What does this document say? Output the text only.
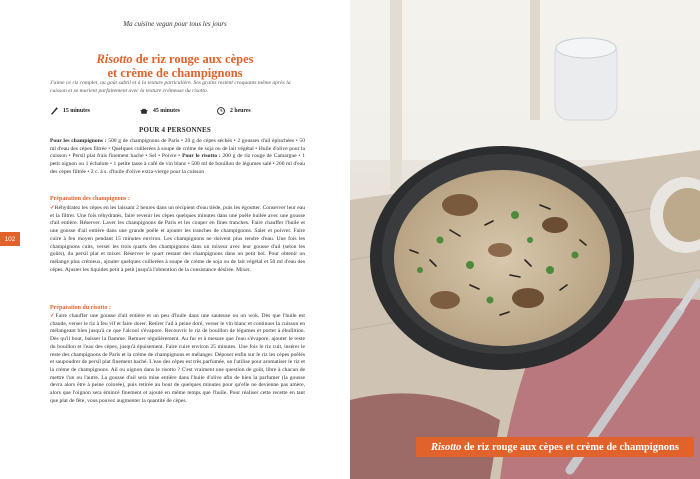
Ma cuisine vegan pour tous les jours
Risotto de riz rouge aux cèpes
et crème de champignons
J'aime ce riz complet, au goût subtil et à la texture particulière. Ses grains restent croquants même après la cuisson et se marient parfaitement avec la texture crémeuse du risotto.
15 minutes	45 minutes	2 heures
POUR 4 PERSONNES
Pour les champignons : 500 g de champignons de Paris • 20 g de cèpes séchés • 2 gousses d'ail épluchées • 50 ml d'eau des cèpes filtrée • Quelques cuillerées à soupe de crème de soja ou de lait végétal • Huile d'olive pour la cuisson • Persil plat frais finement haché • Sel • Poivre • Pour le risotto : 200 g de riz rouge de Camargue • 1 petit oignon ou 1 échalote • 1 petite tasse à café de vin blanc • 500 ml de bouillon de légumes salé • 200 ml d'eau des cèpes filtrée • 2 c. à s. d'huile d'olive extra-vierge pour la cuisson
Préparation des champignons :
✓Réhydratez les cèpes en les laissant 2 heures dans un récipient d'eau tiède, puis les égoutter. Conserver leur eau et la filtrer. Une fois réhydratés, faire revenir les cèpes quelques minutes dans une poêle huilée avec une gousse d'ail entière. Réserver. Laver les champignons de Paris et les couper en fines tranches. Faire chauffer l'huile et une gousse d'ail entière dans une grande poêle et ajouter les tranches de champignons. Saler et poivrer. Faire cuire à feu moyen pendant 15 minutes environ. Les champignons ne doivent plus rendre d'eau. Une fois les champignons cuits, verser les trois quarts des champignons dans un mixeur avec leur gousse d'ail (selon les goûts), du persil plat et mixer. Réserver le quart restant des champignons dans un petit bol. Pour obtenir un mélange plus crémeux, ajouter quelques cuillerées à soupe de crème de soja ou de lait végétal et 50 ml d'eau des cèpes. Ajuster les liquides petit à petit jusqu'à l'obtention de la consistance désirée. Mixer.
Préparation du risotto :
✓Faire chauffer une gousse d'ail entière et un peu d'huile dans une sauteuse ou un wok. Dès que l'huile est chaude, verser le riz à feu vif et faire dorer. Retirer l'ail à peine doré, verser le vin blanc et continuer la cuisson en mélangeant bien jusqu'à ce que l'alcool s'évapore. Recouvrir le riz de bouillon de légumes et porter à ébullition. Dès qu'il bout, baisser la flamme. Remuer régulièrement. Au fur et à mesure que l'eau s'évapore, ajouter le reste du bouillon et l'eau des cèpes, jusqu'à épuisement. Faire cuire environ 25 minutes. Une fois le riz cuit, insérer le reste des champignons de Paris et la crème de champignons et mélanger. Déposer enfin sur le riz les cèpes poêlés et saupoudrer de persil plat finement haché. L'eau des cèpes est très parfumée, on l'utilise pour aromatiser le riz et la crème de champignons. Ail ou oignon dans le risotto ? C'est vraiment une question de goût, libre à chacun de mettre l'un ou l'autre. La gousse d'ail sera mise entière dans l'huile d'olive afin de bien la parfumer (la gousse devra alors être à peine colorée), puis retirée au bout de quelques minutes pour qu'elle ne devienne pas amère, alors que l'oignon sera émincé finement et ajouté en même temps que l'huile. Pour réaliser cette recette en tant que plat de fête, vous pouvez augmenter la quantité de cèpes.
102
Risotto de riz rouge aux cèpes et crème de champignons
